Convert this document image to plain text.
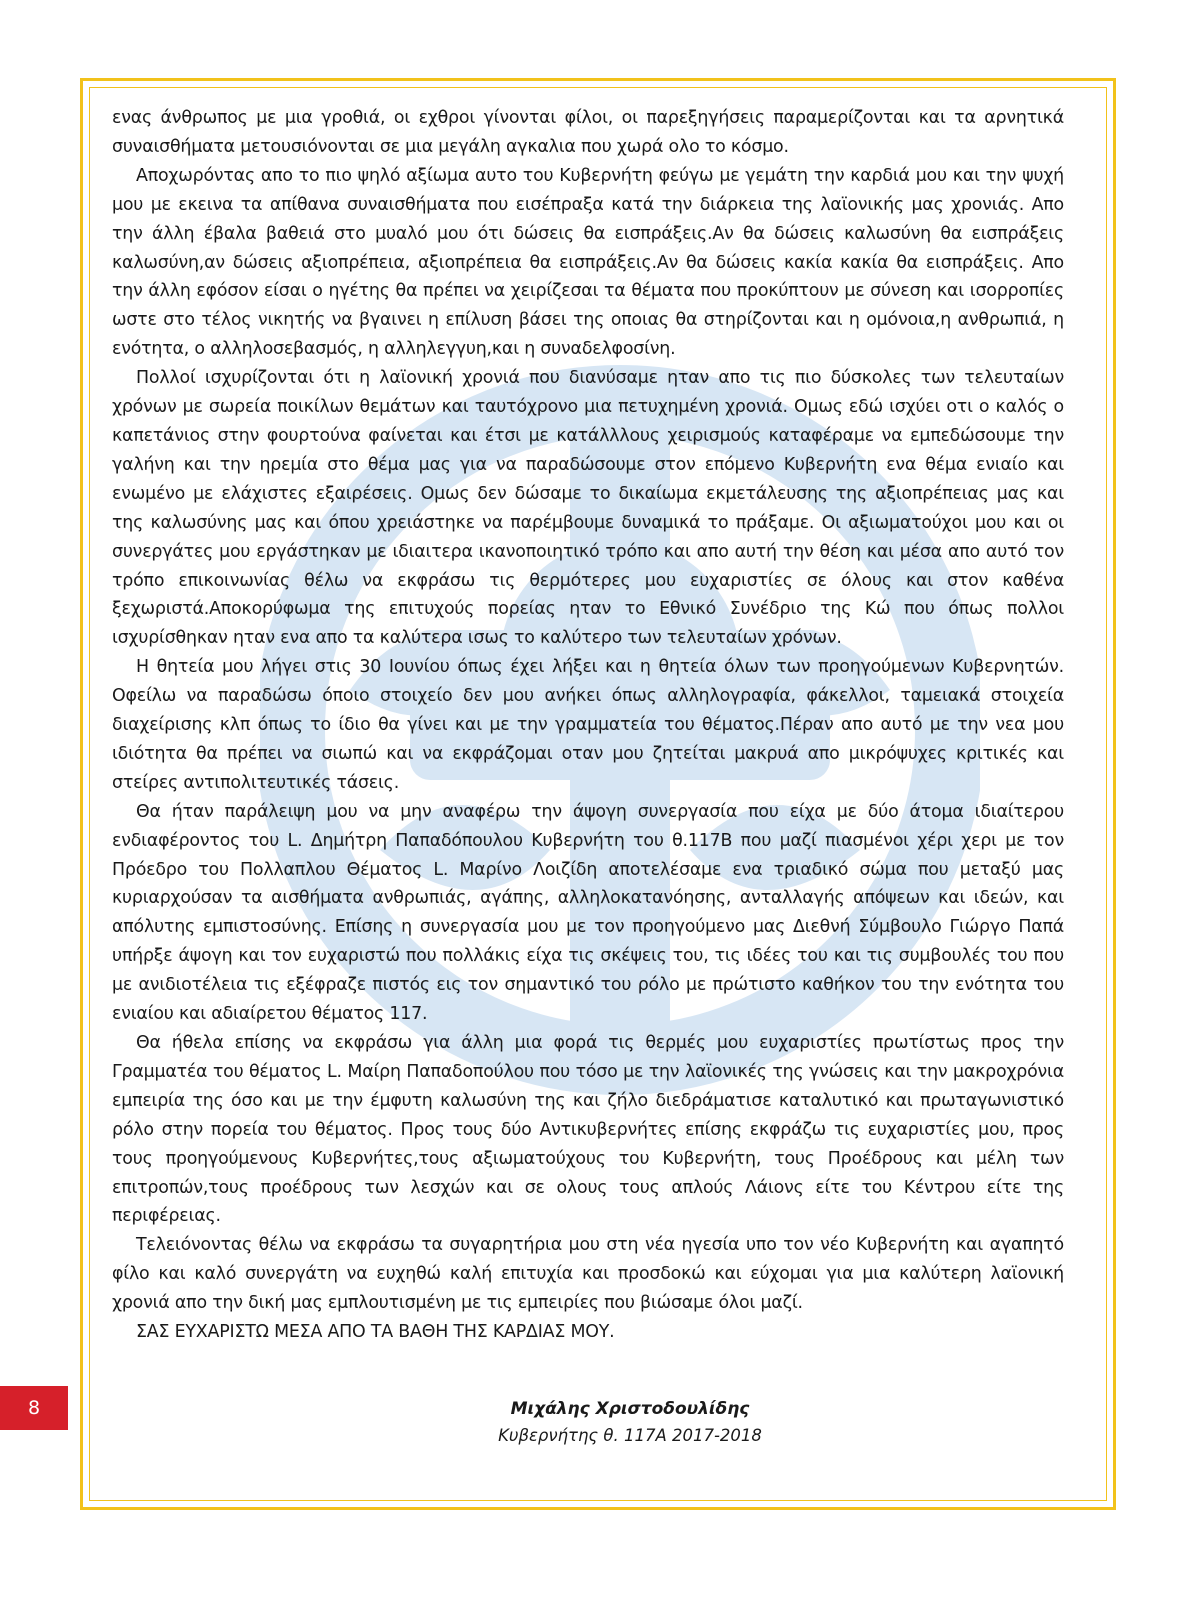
ενας άνθρωπος με μια γροθιά, οι εχθροι γίνονται φίλοι, οι παρεξηγήσεις παραμερίζονται και τα αρνητικά συναισθήματα μετουσιόνονται σε μια μεγάλη αγκαλια που χωρά ολο το κόσμο.

Αποχωρόντας απο το πιο ψηλό αξίωμα αυτο του Κυβερνήτη φεύγω με γεμάτη την καρδιά μου και την ψυχή μου με εκεινα τα απίθανα συναισθήματα που εισέπραξα κατά την διάρκεια της λαϊονικής μας χρονιάς. Απο την άλλη έβαλα βαθειά στο μυαλό μου ότι δώσεις θα εισπράξεις.Αν θα δώσεις καλωσύνη θα εισπράξεις καλωσύνη,αν δώσεις αξιοπρέπεια, αξιοπρέπεια θα εισπράξεις.Αν θα δώσεις κακία κακία θα εισπράξεις. Απο την άλλη εφόσον είσαι ο ηγέτης θα πρέπει να χειρίζεσαι τα θέματα που προκύπτουν με σύνεση και ισορροπίες ωστε στο τέλος νικητής να βγαινει η επίλυση βάσει της οποιας θα στηρίζονται και η ομόνοια,η ανθρωπιά, η ενότητα, ο αλληλοσεβασμός, η αλληλεγγυη,και η συναδελφοσίνη.

Πολλοί ισχυρίζονται ότι η λαϊονική χρονιά που διανύσαμε ηταν απο τις πιο δύσκολες των τελευταίων χρόνων με σωρεία ποικίλων θεμάτων και ταυτόχρονο μια πετυχημένη χρονιά. Ομως εδώ ισχύει οτι ο καλός ο καπετάνιος στην φουρτούνα φαίνεται και έτσι με κατάλλλους χειρισμούς καταφέραμε να εμπεδώσουμε την γαλήνη και την ηρεμία στο θέμα μας για να παραδώσουμε στον επόμενο Κυβερνήτη ενα θέμα ενιαίο και ενωμένο με ελάχιστες εξαιρέσεις. Ομως δεν δώσαμε το δικαίωμα εκμετάλευσης της αξιοπρέπειας μας και της καλωσύνης μας και όπου χρειάστηκε να παρέμβουμε δυναμικά το πράξαμε. Οι αξιωματούχοι μου και οι συνεργάτες μου εργάστηκαν με ιδιαιτερα ικανοποιητικό τρόπο και απο αυτή την θέση και μέσα απο αυτό τον τρόπο επικοινωνίας θέλω να εκφράσω τις θερμότερες μου ευχαριστίες σε όλους και στον καθένα ξεχωριστά.Αποκορύφωμα της επιτυχούς πορείας ηταν το Εθνικό Συνέδριο της Κώ που όπως πολλοι ισχυρίσθηκαν ηταν ενα απο τα καλύτερα ισως το καλύτερο των τελευταίων χρόνων.

Η θητεία μου λήγει στις 30 Ιουνίου όπως έχει λήξει και η θητεία όλων των προηγούμενων Κυβερνητών. Οφείλω να παραδώσω όποιο στοιχείο δεν μου ανήκει όπως αλληλογραφία, φάκελλοι, ταμειακά στοιχεία διαχείρισης κλπ όπως το ίδιο θα γίνει και με την γραμματεία του θέματος.Πέραν απο αυτό με την νεα μου ιδιότητα θα πρέπει να σιωπώ και να εκφράζομαι οταν μου ζητείται μακρυά απο μικρόψυχες κριτικές και στείρες αντιπολιτευτικές τάσεις.

Θα ήταν παράλειψη μου να μην αναφέρω την άψογη συνεργασία που είχα με δύο άτομα ιδιαίτερου ενδιαφέροντος του L. Δημήτρη Παπαδόπουλου Κυβερνήτη του θ.117Β που μαζί πιασμένοι χέρι χερι με τον Πρόεδρο του Πολλαπλου Θέματος L. Μαρίνο Λοιζίδη αποτελέσαμε ενα τριαδικό σώμα που μεταξύ μας κυριαρχούσαν τα αισθήματα ανθρωπιάς, αγάπης, αλληλοκατανόησης, ανταλλαγής απόψεων και ιδεών, και απόλυτης εμπιστοσύνης. Επίσης η συνεργασία μου με τον προηγούμενο μας Διεθνή Σύμβουλο Γιώργο Παπά υπήρξε άψογη και τον ευχαριστώ που πολλάκις είχα τις σκέψεις του, τις ιδέες του και τις συμβουλές του που με ανιδιοτέλεια τις εξέφραζε πιστός εις τον σημαντικό του ρόλο με πρώτιστο καθήκον του την ενότητα του ενιαίου και αδιαίρετου θέματος 117.

Θα ήθελα επίσης να εκφράσω για άλλη μια φορά τις θερμές μου ευχαριστίες πρωτίστως προς την Γραμματέα του θέματος L. Μαίρη Παπαδοπούλου που τόσο με την λαϊονικές της γνώσεις και την μακροχρόνια εμπειρία της όσο και με την έμφυτη καλωσύνη της και ζήλο διεδράματισε καταλυτικό και πρωταγωνιστικό ρόλο στην πορεία του θέματος. Προς τους δύο Αντικυβερνήτες επίσης εκφράζω τις ευχαριστίες μου, προς τους προηγούμενους Κυβερνήτες,τους αξιωματούχους του Κυβερνήτη, τους Προέδρους και μέλη των επιτροπών,τους προέδρους των λεσχών και σε ολους τους απλούς Λάιονς είτε του Κέντρου είτε της περιφέρειας.

Τελειόνοντας θέλω να εκφράσω τα συγαρητήρια μου στη νέα ηγεσία υπο τον νέο Κυβερνήτη και αγαπητό φίλο και καλό συνεργάτη να ευχηθώ καλή επιτυχία και προσδοκώ και εύχομαι για μια καλύτερη λαϊονική χρονιά απο την δική μας εμπλουτισμένη με τις εμπειρίες που βιώσαμε όλοι μαζί.

ΣΑΣ ΕΥΧΑΡΙΣΤΩ ΜΕΣΑ ΑΠΟ ΤΑ ΒΑΘΗ ΤΗΣ ΚΑΡΔΙΑΣ ΜΟΥ.

Μιχάλης Χριστοδουλίδης
Κυβερνήτης θ. 117Α 2017-2018
8
